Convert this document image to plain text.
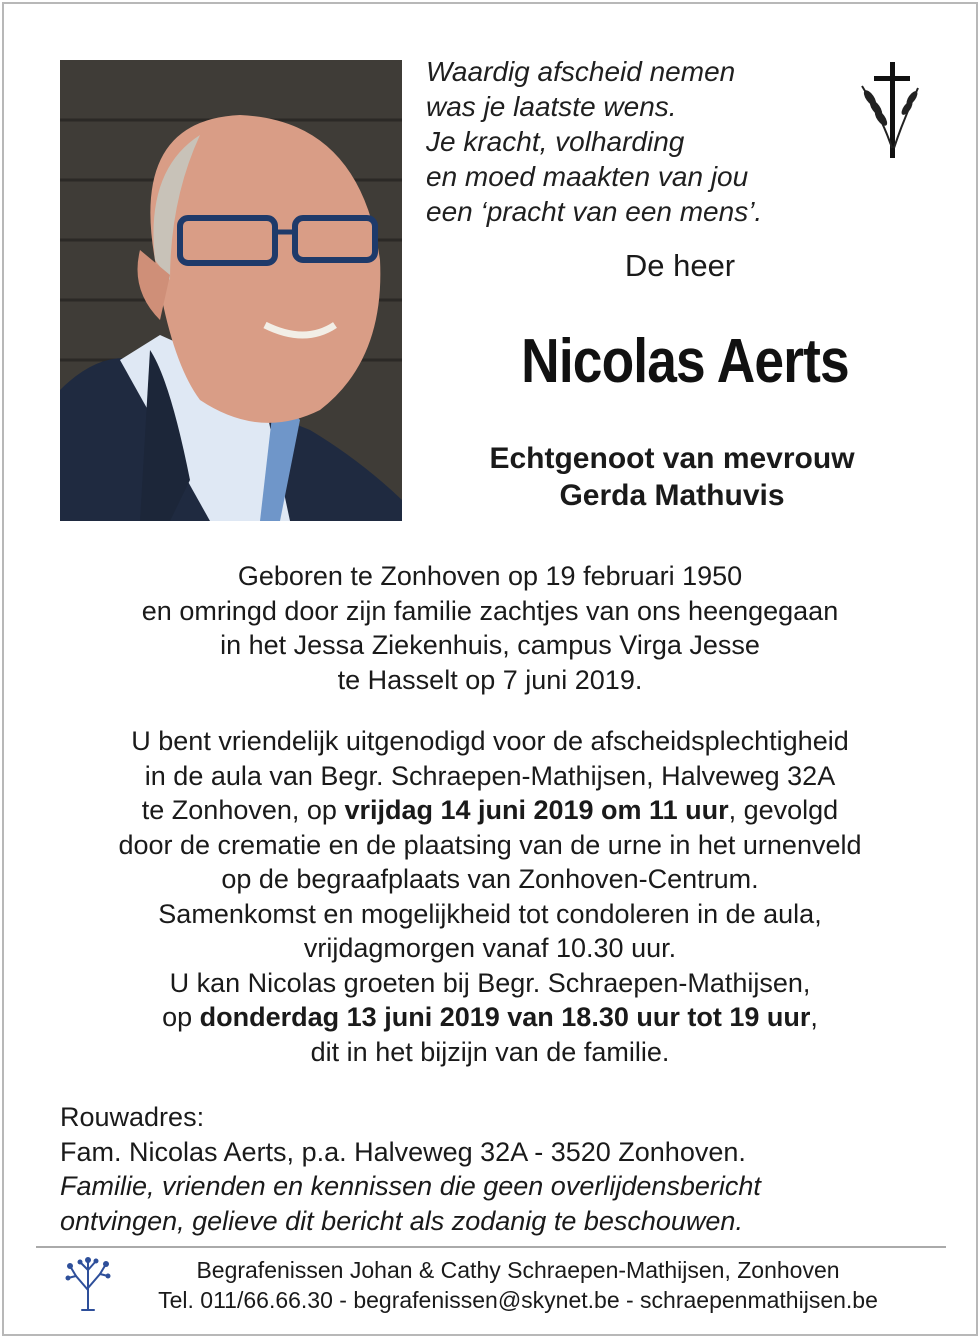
Waardig afscheid nemen
was je laatste wens.
Je kracht, volharding
en moed maakten van jou
een ‘pracht van een mens’.
De heer
Nicolas Aerts
Echtgenoot van mevrouw
Gerda Mathuvis
Geboren te Zonhoven op 19 februari 1950
en omringd door zijn familie zachtjes van ons heengegaan
in het Jessa Ziekenhuis, campus Virga Jesse
te Hasselt op 7 juni 2019.
U bent vriendelijk uitgenodigd voor de afscheidsplechtigheid
in de aula van Begr. Schraepen-Mathijsen, Halveweg 32A
te Zonhoven, op vrijdag 14 juni 2019 om 11 uur, gevolgd
door de crematie en de plaatsing van de urne in het urnenveld
op de begraafplaats van Zonhoven-Centrum.
Samenkomst en mogelijkheid tot condoleren in de aula,
vrijdagmorgen vanaf 10.30 uur.
U kan Nicolas groeten bij Begr. Schraepen-Mathijsen,
op donderdag 13 juni 2019 van 18.30 uur tot 19 uur,
dit in het bijzijn van de familie.
Rouwadres:
Fam. Nicolas Aerts, p.a. Halveweg 32A - 3520 Zonhoven.
Familie, vrienden en kennissen die geen overlijdensbericht
ontvingen, gelieve dit bericht als zodanig te beschouwen.
Begrafenissen Johan & Cathy Schraepen-Mathijsen, Zonhoven
Tel. 011/66.66.30 - begrafenissen@skynet.be - schraepenmathijsen.be
